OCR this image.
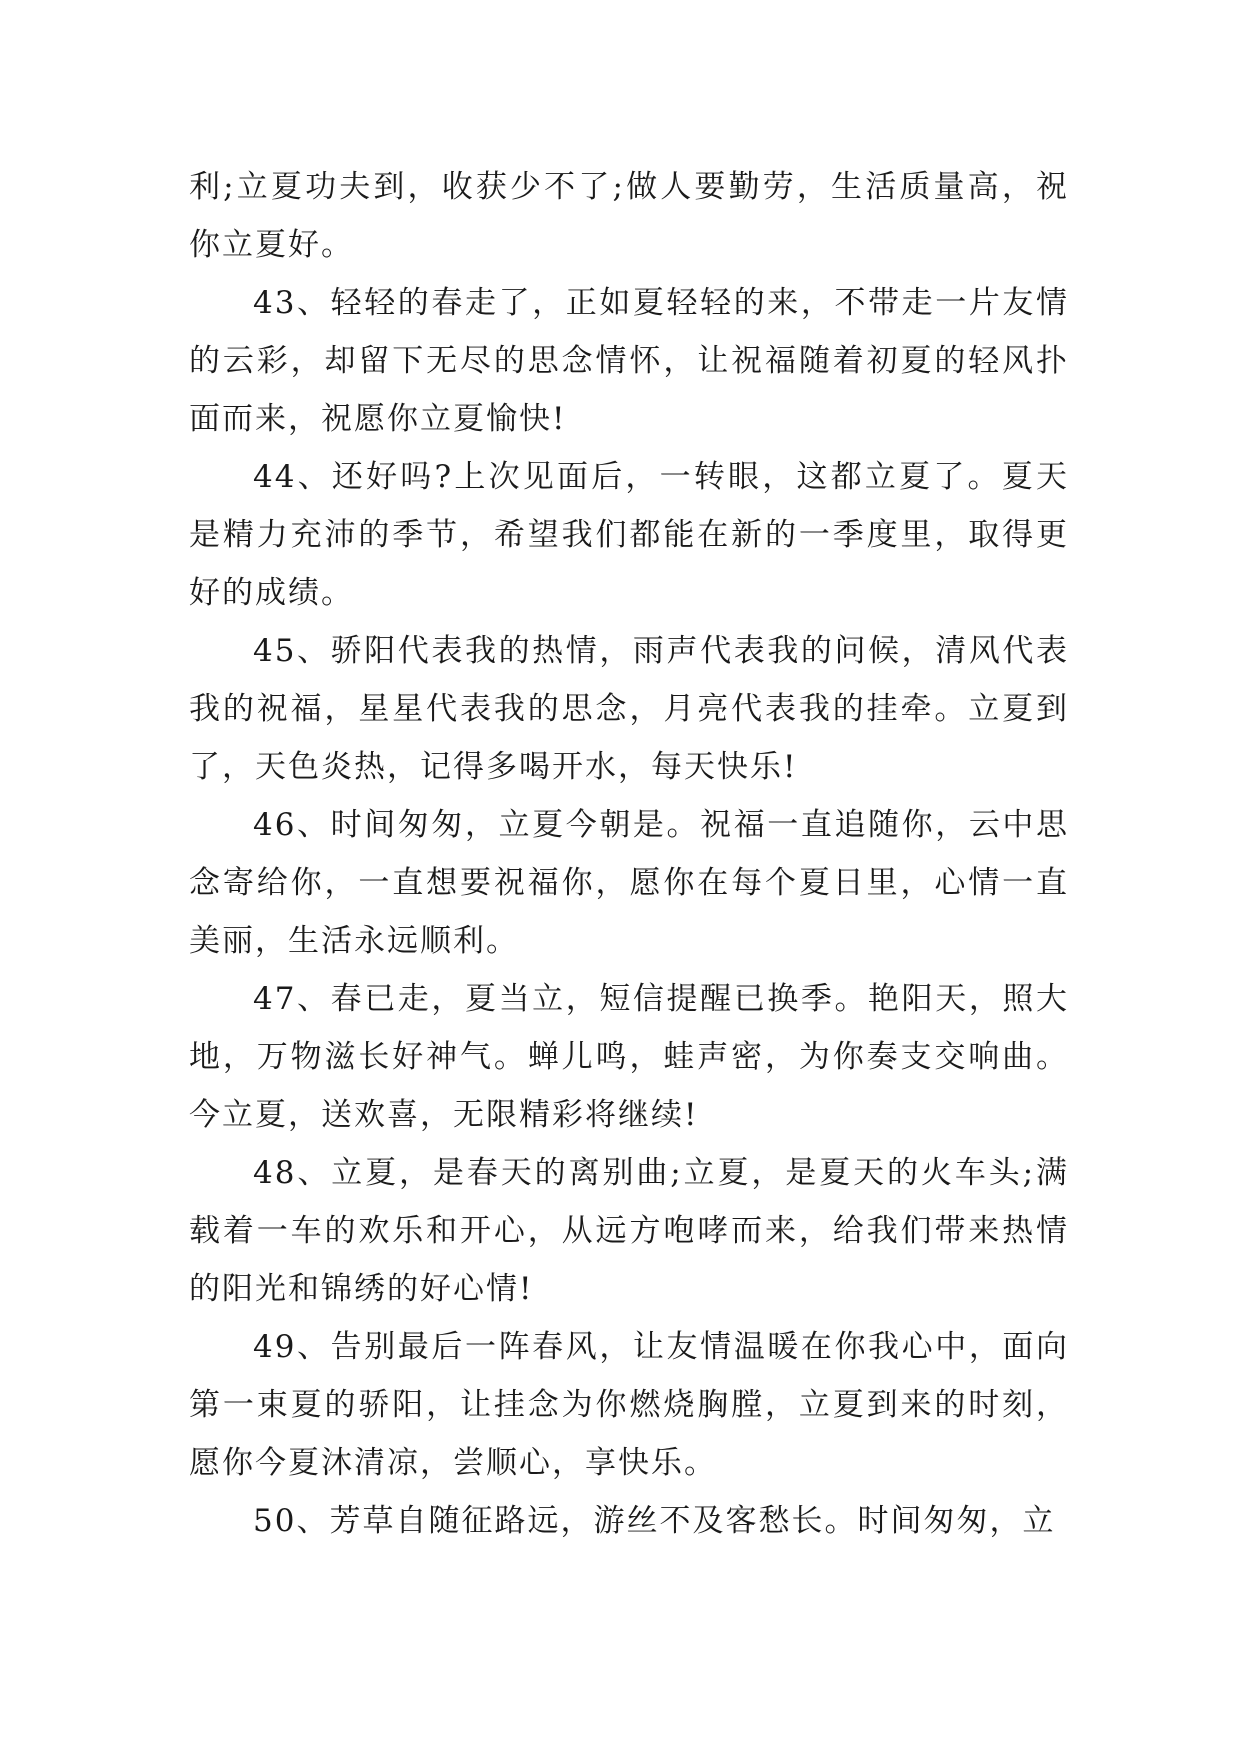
利;立夏功夫到，收获少不了;做人要勤劳，生活质量高，祝你立夏好。

43、轻轻的春走了，正如夏轻轻的来，不带走一片友情的云彩，却留下无尽的思念情怀，让祝福随着初夏的轻风扑面而来，祝愿你立夏愉快!

44、还好吗?上次见面后，一转眼，这都立夏了。夏天是精力充沛的季节，希望我们都能在新的一季度里，取得更好的成绩。

45、骄阳代表我的热情，雨声代表我的问候，清风代表我的祝福，星星代表我的思念，月亮代表我的挂牵。立夏到了，天色炎热，记得多喝开水，每天快乐!

46、时间匆匆，立夏今朝是。祝福一直追随你，云中思念寄给你，一直想要祝福你，愿你在每个夏日里，心情一直美丽，生活永远顺利。

47、春已走，夏当立，短信提醒已换季。艳阳天，照大地，万物滋长好神气。蝉儿鸣，蛙声密，为你奏支交响曲。今立夏，送欢喜，无限精彩将继续!

48、立夏，是春天的离别曲;立夏，是夏天的火车头;满载着一车的欢乐和开心，从远方咆哮而来，给我们带来热情的阳光和锦绣的好心情!

49、告别最后一阵春风，让友情温暖在你我心中，面向第一束夏的骄阳，让挂念为你燃烧胸膛，立夏到来的时刻，愿你今夏沐清凉，尝顺心，享快乐。

50、芳草自随征路远，游丝不及客愁长。时间匆匆，立
